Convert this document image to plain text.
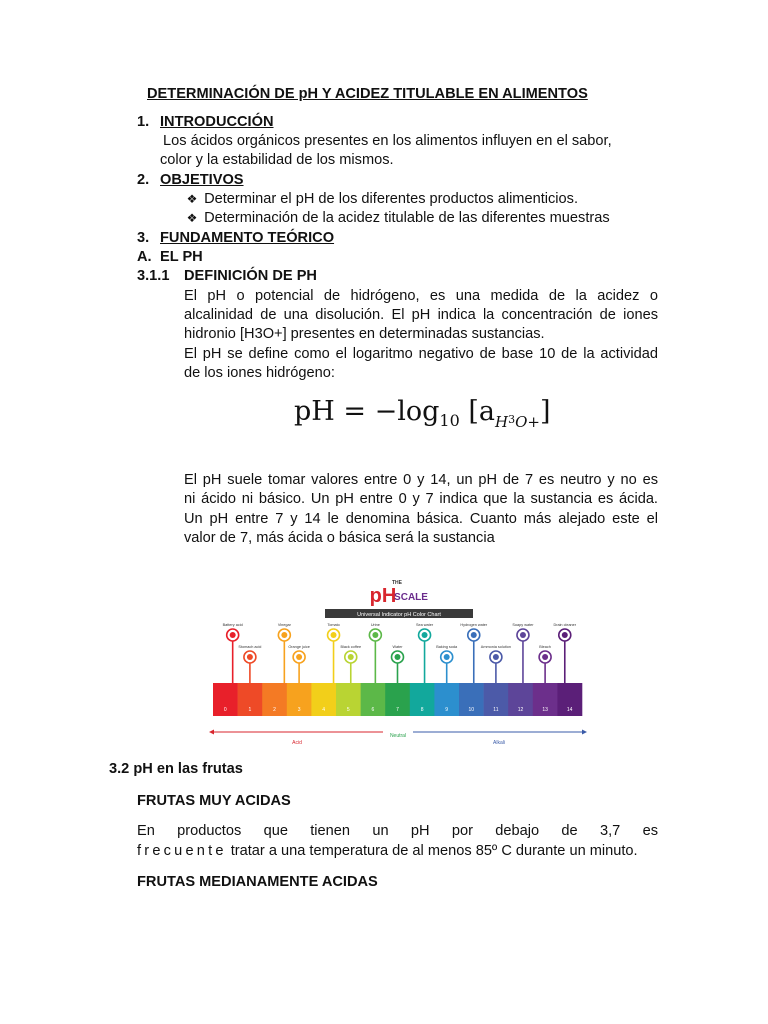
DETERMINACIÓN DE pH Y ACIDEZ TITULABLE EN ALIMENTOS
1. INTRODUCCIÓN
Los ácidos orgánicos presentes en los alimentos influyen en el sabor,
color y la estabilidad de los mismos.
2. OBJETIVOS
❖ Determinar el pH de los diferentes productos alimenticios.
❖ Determinación de la acidez titulable de las diferentes muestras
3. FUNDAMENTO TEÓRICO
A. EL PH
3.1.1 DEFINICIÓN DE PH
El pH o potencial de hidrógeno, es una medida de la acidez o
alcalinidad de una disolución. El pH indica la concentración de iones
hidronio [H3O+] presentes en determinadas sustancias.
El pH se define como el logaritmo negativo de base 10 de la actividad
de los iones hidrógeno:
pH = $-\log_{10}$ $[a_H3_{O+}]$
El pH suele tomar valores entre 0 y 14, un pH de 7 es neutro y no es
ni ácido ni básico. Un pH entre 0 y 7 indica que la sustancia es ácida.
Un pH entre 7 y 14 le denomina básica. Cuanto más alejado este el
valor de 7, más ácida o básica será la sustancia
THE
pH
SCALE
Universal Indicator pH Color Chart
Battery acid	Vinegar	Tomato	Urine	Sea water	Hydrogen water	Soapy water	Drain cleaner
Stomach acid	Orange juice	Black coffee	Water	Baking soda	Ammonia solution	Bleach
0	1	2	3	4	5	6	7	8	9	10	11	12	13	14
Acid
Neutral
Alkali
3.2 pH en las frutas
FRUTAS MUY ACIDAS
En productos que tienen un pH por debajo de 3,7 es
frecuente tratar a una temperatura de al menos 85º C durante un minuto.
FRUTAS MEDIANAMENTE ACIDAS
